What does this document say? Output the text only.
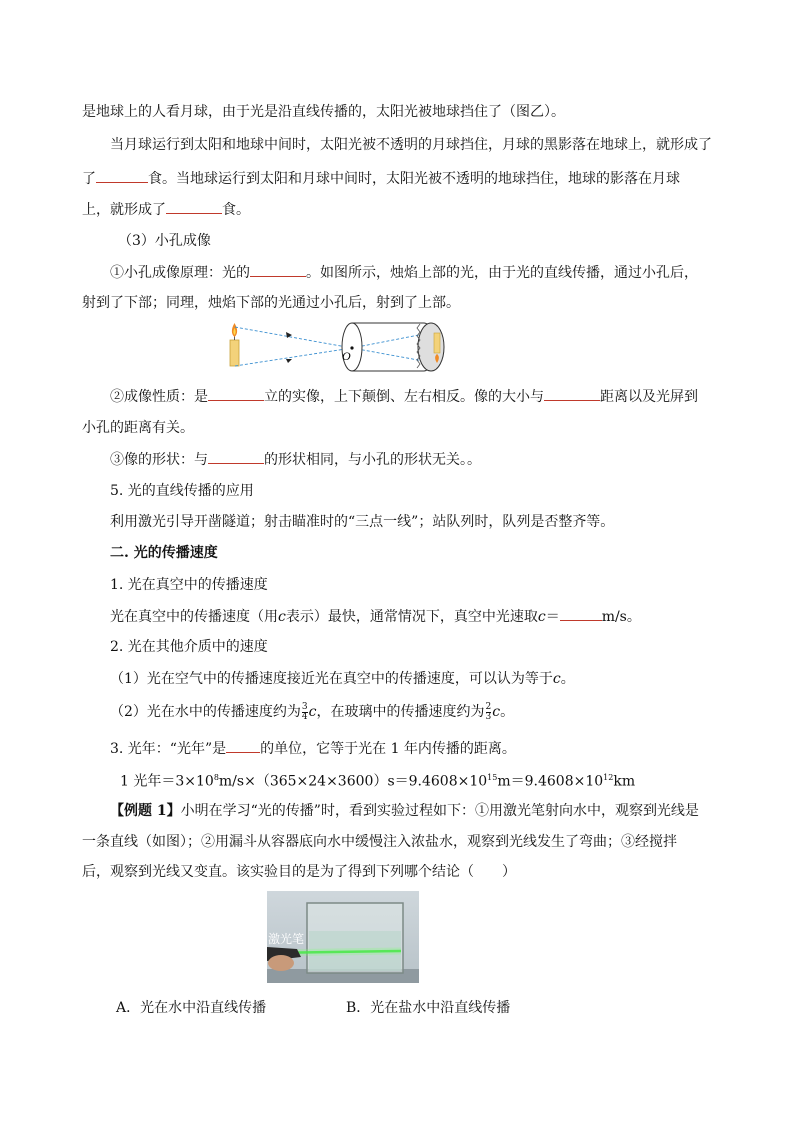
是地球上的人看月球，由于光是沿直线传播的，太阳光被地球挡住了（图乙）。
当月球运行到太阳和地球中间时，太阳光被不透明的月球挡住，月球的黑影落在地球上，就形成了
了	食。当地球运行到太阳和月球中间时，太阳光被不透明的地球挡住，地球的影落在月球
上，就形成了	食。
（3）小孔成像
①小孔成像原理：光的	。如图所示，烛焰上部的光，由于光的直线传播，通过小孔后，
射到了下部；同理，烛焰下部的光通过小孔后，射到了上部。
O
②成像性质：是	立的实像，上下颠倒、左右相反。像的大小与	距离以及光屏到
小孔的距离有关。
③像的形状：与	的形状相同，与小孔的形状无关。。
5. 光的直线传播的应用
利用激光引导开凿隧道；射击瞄准时的“三点一线”；站队列时，队列是否整齐等。
二. 光的传播速度
1. 光在真空中的传播速度
光在真空中的传播速度（用c表示）最快，通常情况下，真空中光速取c＝	m/s。
2. 光在其他介质中的速度
（1）光在空气中的传播速度接近光在真空中的传播速度，可以认为等于c。
（2）光在水中的传播速度约为 $\frac{3}{4}$ c，在玻璃中的传播速度约为 $\frac{2}{3}$ c。
3. 光年：“光年”是 的单位，它等于光在 1 年内传播的距离。
1 光年$=3\times 10^8m/s\times(365\times 24\times 3600)s=9.4608\times 10^{15}m=9.4608\times 10^{12}km$
【例题 1】小明在学习“光的传播”时，看到实验过程如下：①用激光笔射向水中，观察到光线是
一条直线（如图）；②用漏斗从容器底向水中缓慢注入浓盐水，观察到光线发生了弯曲；③经搅拌
后，观察到光线又变直。该实验目的是为了得到下列哪个结论（　　）
激光笔
A．光在水中沿直线传播	B．光在盐水中沿直线传播
